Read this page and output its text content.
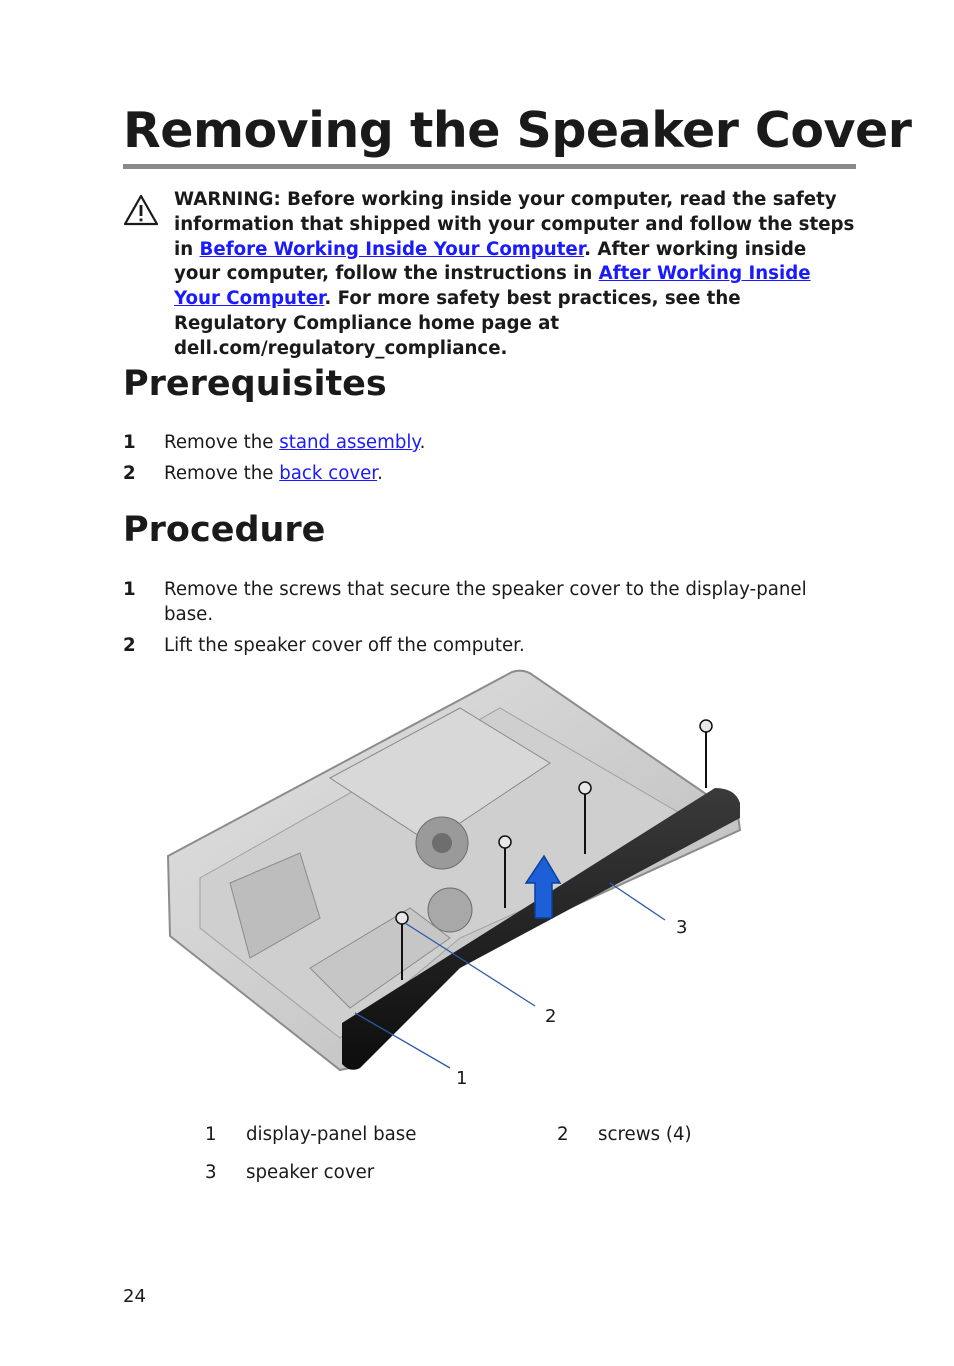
Removing the Speaker Cover
WARNING: Before working inside your computer, read the safety information that shipped with your computer and follow the steps in Before Working Inside Your Computer. After working inside your computer, follow the instructions in After Working Inside Your Computer. For more safety best practices, see the Regulatory Compliance home page at dell.com/regulatory_compliance.
Prerequisites
1 Remove the stand assembly.
2 Remove the back cover.
Procedure
1 Remove the screws that secure the speaker cover to the display-panel base.
2 Lift the speaker cover off the computer.
1
2
3
1 display-panel base	2 screws (4)
3 speaker cover
24
